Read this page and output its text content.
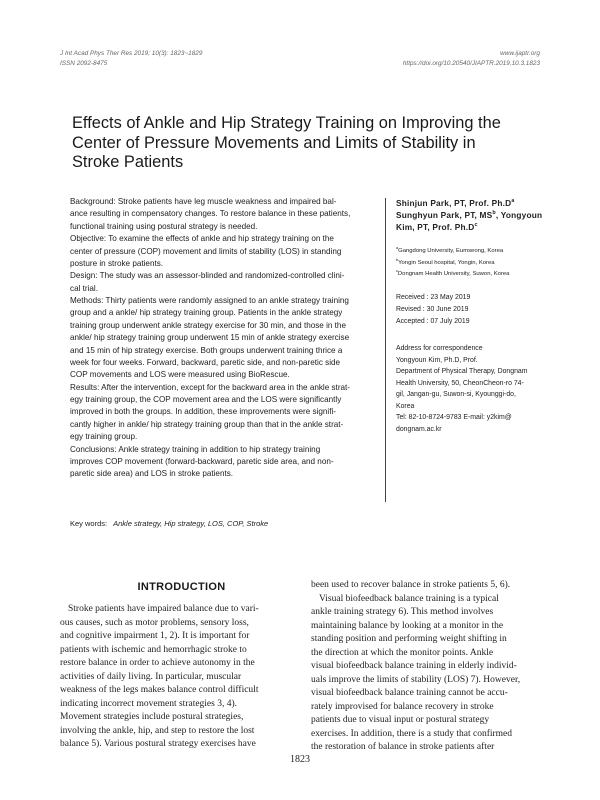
J Int Acad Phys Ther Res 2019; 10(3): 1823~1829
ISSN 2092-8475
www.ijaptr.org
https://doi.org/10.20540/JIAPTR.2019.10.3.1823
Effects of Ankle and Hip Strategy Training on Improving the
Center of Pressure Movements and Limits of Stability in
Stroke Patients
Background: Stroke patients have leg muscle weakness and impaired bal-
ance resulting in compensatory changes. To restore balance in these patients,
functional training using postural strategy is needed.
Objective: To examine the effects of ankle and hip strategy training on the
center of pressure (COP) movement and limits of stability (LOS) in standing
posture in stroke patients.
Design: The study was an assessor-blinded and randomized-controlled clini-
cal trial.
Methods: Thirty patients were randomly assigned to an ankle strategy training
group and a ankle/ hip strategy training group. Patients in the ankle strategy
training group underwent ankle strategy exercise for 30 min, and those in the
ankle/ hip strategy training group underwent 15 min of ankle strategy exercise
and 15 min of hip strategy exercise. Both groups underwent training thrice a
week for four weeks. Forward, backward, paretic side, and non-paretic side
COP movements and LOS were measured using BioRescue.
Results: After the intervention, except for the backward area in the ankle strat-
egy training group, the COP movement area and the LOS were significantly
improved in both the groups. In addition, these improvements were signifi-
cantly higher in ankle/ hip strategy training group than that in the ankle strat-
egy training group.
Conclusions: Ankle strategy training in addition to hip strategy training
improves COP movement (forward-backward, paretic side area, and non-
paretic side area) and LOS in stroke patients.
Shinjun Park, PT, Prof. $Ph.D^a$
Sunghyun Park, PT, $MS^b$, Yongyoun
Kim, PT, Prof. $Ph.D^c$
$^a$Gangdong University, Eumseong, Korea
$^b$Yongin Seoul hospital, Yongin, Korea
$^c$Dongnam Health University, Suwon, Korea
Received : 23 May 2019
Revised : 30 June 2019
Accepted : 07 July 2019
Address for correspondence
Yongyoun Kim, Ph.D, Prof.
Department of Physical Therapy, Dongnam
Health University, 50, CheonCheon-ro 74-
gil, Jangan-gu, Suwon-si, Kyounggi-do,
Korea
Tel: 82-10-8724-9783 E-mail: y2kim@
dongnam.ac.kr
Key words: Ankle strategy, Hip strategy, LOS, COP, Stroke
INTRODUCTION
Stroke patients have impaired balance due to vari-
ous causes, such as motor problems, sensory loss,
and cognitive impairment 1, 2). It is important for
patients with ischemic and hemorrhagic stroke to
restore balance in order to achieve autonomy in the
activities of daily living. In particular, muscular
weakness of the legs makes balance control difficult
indicating incorrect movement strategies 3, 4).
Movement strategies include postural strategies,
involving the ankle, hip, and step to restore the lost
balance 5). Various postural strategy exercises have
been used to recover balance in stroke patients 5, 6).
Visual biofeedback balance training is a typical
ankle training strategy 6). This method involves
maintaining balance by looking at a monitor in the
standing position and performing weight shifting in
the direction at which the monitor points. Ankle
visual biofeedback balance training in elderly individ-
uals improve the limits of stability (LOS) 7). However,
visual biofeedback balance training cannot be accu-
rately improvised for balance recovery in stroke
patients due to visual input or postural strategy
exercises. In addition, there is a study that confirmed
the restoration of balance in stroke patients after
1823
